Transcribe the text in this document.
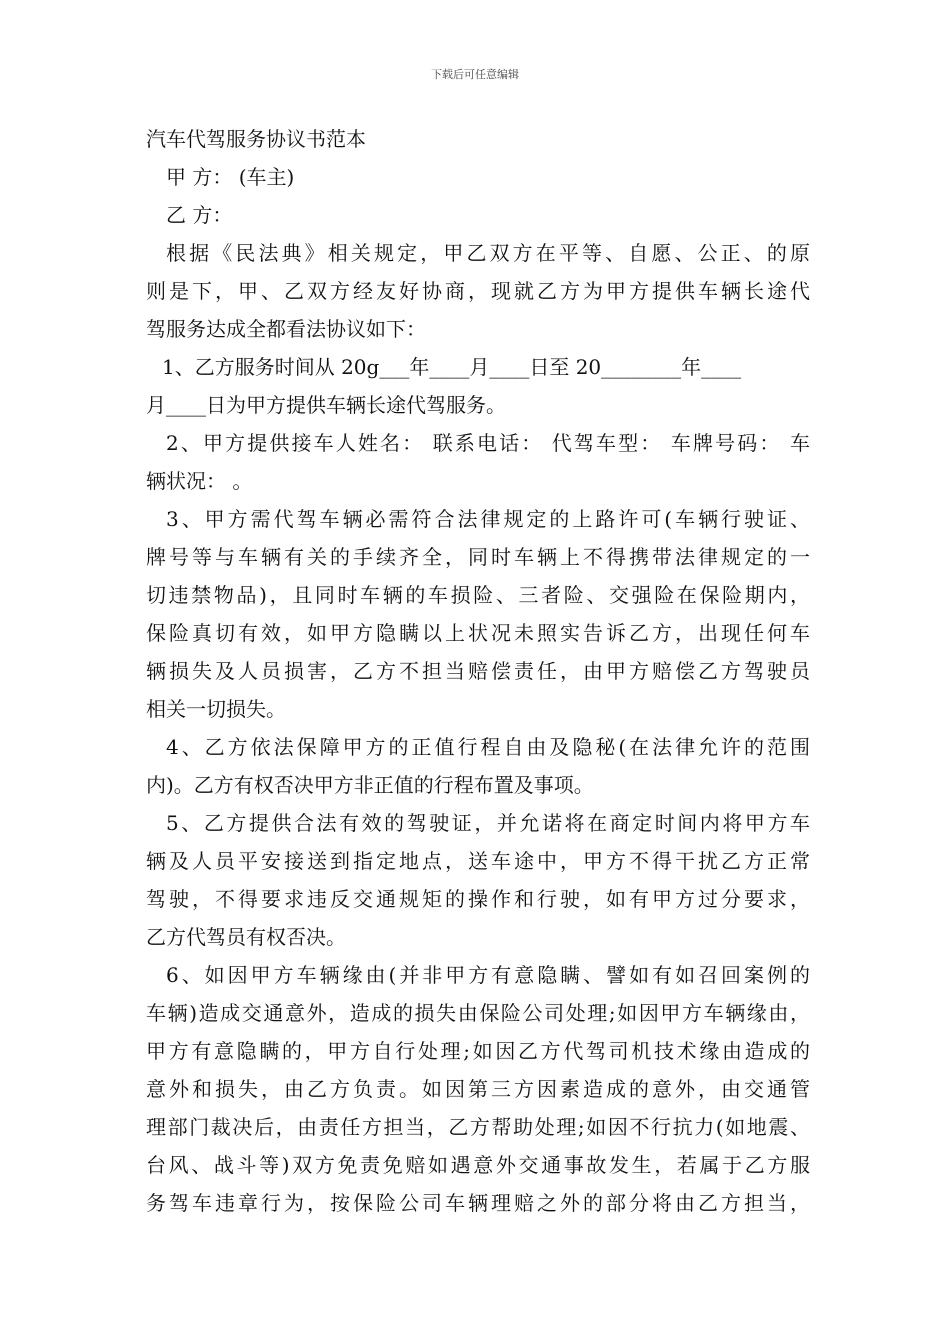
下载后可任意编辑
汽车代驾服务协议书范本
甲 方： (车主)
乙 方：
根据《民法典》相关规定，甲乙双方在平等、自愿、公正、的原
则是下，甲、乙双方经友好协商，现就乙方为甲方提供车辆长途代
驾服务达成全都看法协议如下：
1、乙方服务时间从 20g___年____月____日至 20________年____
月____日为甲方提供车辆长途代驾服务。
2、甲方提供接车人姓名： 联系电话： 代驾车型： 车牌号码： 车
辆状况： 。
3、甲方需代驾车辆必需符合法律规定的上路许可(车辆行驶证、
牌号等与车辆有关的手续齐全，同时车辆上不得携带法律规定的一
切违禁物品)，且同时车辆的车损险、三者险、交强险在保险期内，
保险真切有效，如甲方隐瞒以上状况未照实告诉乙方，出现任何车
辆损失及人员损害，乙方不担当赔偿责任，由甲方赔偿乙方驾驶员
相关一切损失。
4、乙方依法保障甲方的正值行程自由及隐秘(在法律允许的范围
内)。乙方有权否决甲方非正值的行程布置及事项。
5、乙方提供合法有效的驾驶证，并允诺将在商定时间内将甲方车
辆及人员平安接送到指定地点，送车途中，甲方不得干扰乙方正常
驾驶，不得要求违反交通规矩的操作和行驶，如有甲方过分要求，
乙方代驾员有权否决。
6、如因甲方车辆缘由(并非甲方有意隐瞒、譬如有如召回案例的
车辆)造成交通意外，造成的损失由保险公司处理;如因甲方车辆缘由，
甲方有意隐瞒的，甲方自行处理;如因乙方代驾司机技术缘由造成的
意外和损失，由乙方负责。如因第三方因素造成的意外，由交通管
理部门裁决后，由责任方担当，乙方帮助处理;如因不行抗力(如地震、
台风、战斗等)双方免责免赔如遇意外交通事故发生，若属于乙方服
务驾车违章行为，按保险公司车辆理赔之外的部分将由乙方担当，
